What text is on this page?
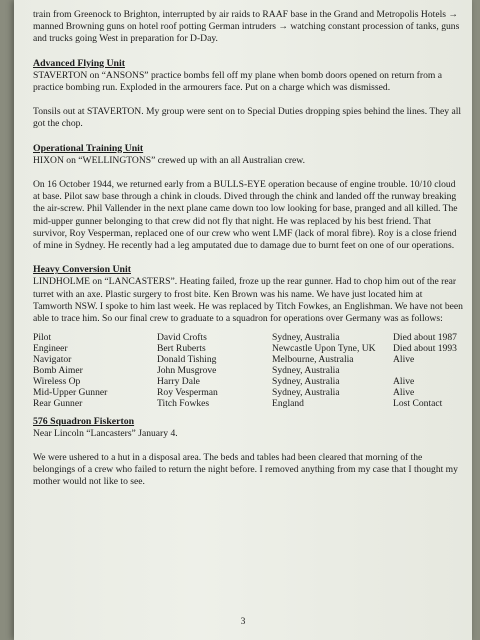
train from Greenock to Brighton, interrupted by air raids to RAAF base in the Grand and Metropolis Hotels → manned Browning guns on hotel roof potting German intruders → watching constant procession of tanks, guns and trucks going West in preparation for D-Day.

Advanced Flying Unit

STAVERTON on “ANSONS” practice bombs fell off my plane when bomb doors opened on return from a practice bombing run. Exploded in the armourers face. Put on a charge which was dismissed.

Tonsils out at STAVERTON. My group were sent on to Special Duties dropping spies behind the lines. They all got the chop.

Operational Training Unit

HIXON on “WELLINGTONS” crewed up with an all Australian crew.

On 16 October 1944, we returned early from a BULLS-EYE operation because of engine trouble. 10/10 cloud at base. Pilot saw base through a chink in clouds. Dived through the chink and landed off the runway breaking the air-screw. Phil Vallender in the next plane came down too low looking for base, pranged and all killed. The mid-upper gunner belonging to that crew did not fly that night. He was replaced by his best friend. That survivor, Roy Vesperman, replaced one of our crew who went LMF (lack of moral fibre). Roy is a close friend of mine in Sydney. He recently had a leg amputated due to damage due to burnt feet on one of our operations.

Heavy Conversion Unit

LINDHOLME on “LANCASTERS”. Heating failed, froze up the rear gunner. Had to chop him out of the rear turret with an axe. Plastic surgery to frost bite. Ken Brown was his name. We have just located him at Tamworth NSW. I spoke to him last week. He was replaced by Titch Fowkes, an Englishman. We have not been able to trace him. So our final crew to graduate to a squadron for operations over Germany was as follows:

Pilot	David Crofts	Sydney, Australia	Died about 1987
Engineer	Bert Ruberts	Newcastle Upon Tyne, UK	Died about 1993
Navigator	Donald Tishing	Melbourne, Australia	Alive
Bomb Aimer	John Musgrove	Sydney, Australia
Wireless Op	Harry Dale	Sydney, Australia	Alive
Mid-Upper Gunner	Roy Vesperman	Sydney, Australia	Alive
Rear Gunner	Titch Fowkes	England	Lost Contact
576 Squadron Fiskerton

Near Lincoln “Lancasters” January 4.

We were ushered to a hut in a disposal area. The beds and tables had been cleared that morning of the belongings of a crew who failed to return the night before. I removed anything from my case that I thought my mother would not like to see.

3
